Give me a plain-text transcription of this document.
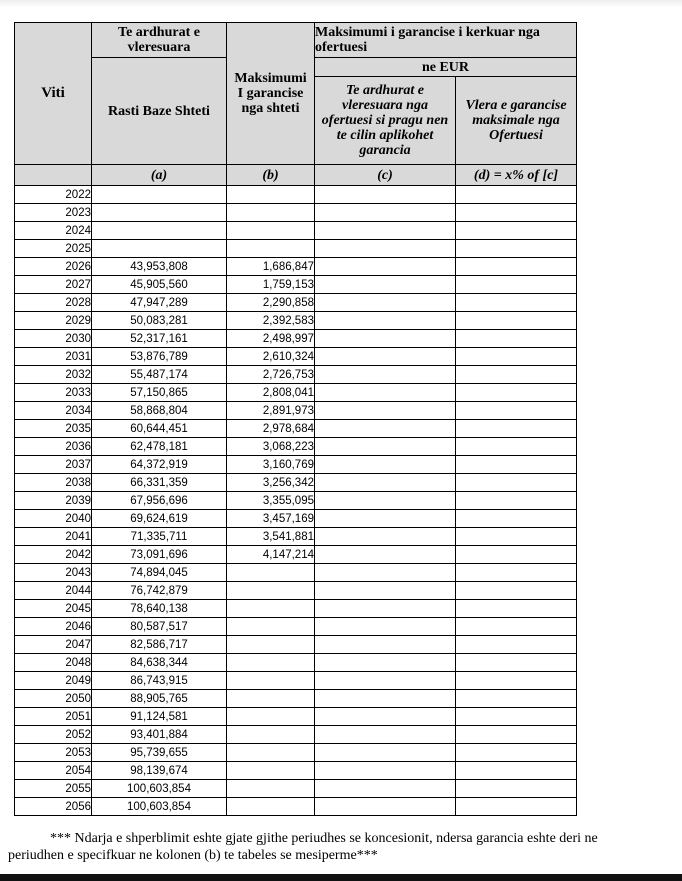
Viti	Te ardhurat e vleresuara	Maksimumi I garancise nga shteti	Maksimumi i garancise i kerkuar nga ofertuesi	
	Rasti Baze Shteti		ne EUR	
			Te ardhurat e vleresuara nga ofertuesi si pragu nen te cilin aplikohet garancia	Vlera e garancise maksimale nga Ofertuesi
	(a)	(b)	(c)	(d) = x% of [c]
2022				
2023				
2024				
2025				
2026	43,953,808	1,686,847		
2027	45,905,560	1,759,153		
2028	47,947,289	2,290,858		
2029	50,083,281	2,392,583		
2030	52,317,161	2,498,997		
2031	53,876,789	2,610,324		
2032	55,487,174	2,726,753		
2033	57,150,865	2,808,041		
2034	58,868,804	2,891,973		
2035	60,644,451	2,978,684		
2036	62,478,181	3,068,223		
2037	64,372,919	3,160,769		
2038	66,331,359	3,256,342		
2039	67,956,696	3,355,095		
2040	69,624,619	3,457,169		
2041	71,335,711	3,541,881		
2042	73,091,696	4,147,214		
2043	74,894,045			
2044	76,742,879			
2045	78,640,138			
2046	80,587,517			
2047	82,586,717			
2048	84,638,344			
2049	86,743,915			
2050	88,905,765			
2051	91,124,581			
2052	93,401,884			
2053	95,739,655			
2054	98,139,674			
2055	100,603,854			
2056	100,603,854			
*** Ndarja e shperblimit eshte gjate gjithe periudhes se koncesionit, ndersa garancia eshte deri ne periudhen e specifkuar ne kolonen (b) te tabeles se mesiperme***
